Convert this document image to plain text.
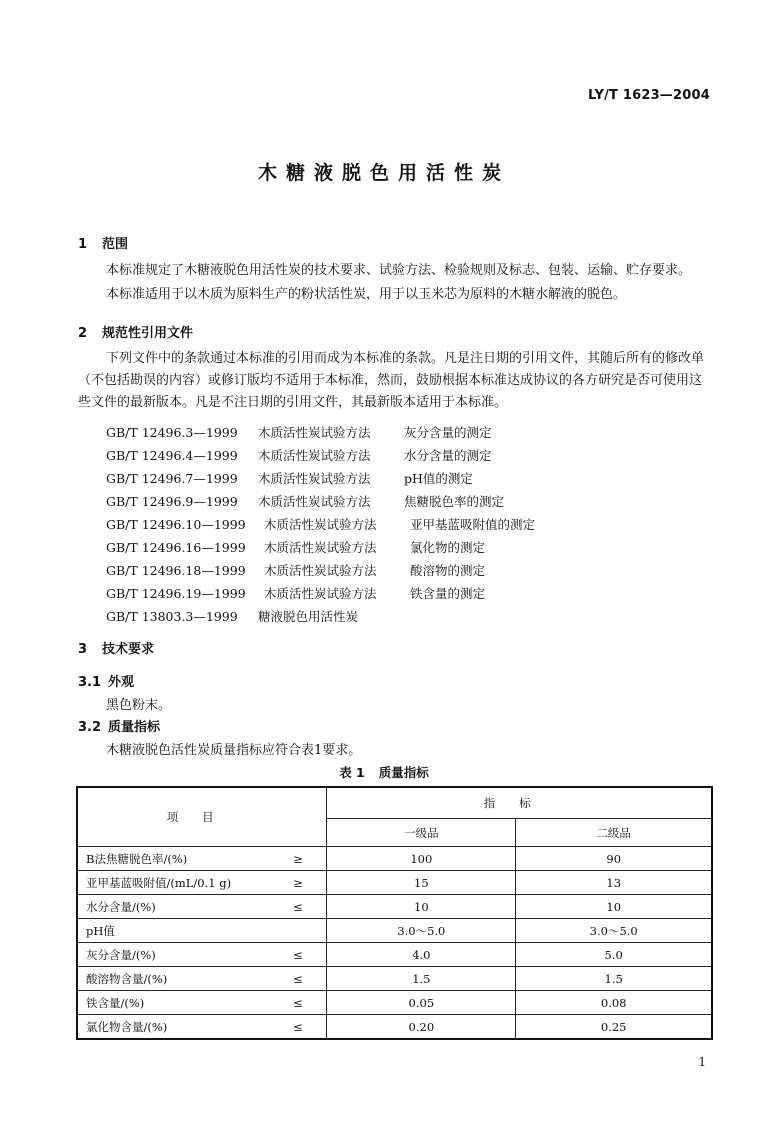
LY/T 1623—2004
木糖液脱色用活性炭
1 范围
本标准规定了木糖液脱色用活性炭的技术要求、试验方法、检验规则及标志、包装、运输、贮存要求。
本标准适用于以木质为原料生产的粉状活性炭，用于以玉米芯为原料的木糖水解液的脱色。
2 规范性引用文件
下列文件中的条款通过本标准的引用而成为本标准的条款。凡是注日期的引用文件，其随后所有的修改单（不包括勘误的内容）或修订版均不适用于本标准，然而，鼓励根据本标准达成协议的各方研究是否可使用这些文件的最新版本。凡是不注日期的引用文件，其最新版本适用于本标准。
GB/T 12496.3—1999 木质活性炭试验方法	灰分含量的测定
GB/T 12496.4—1999 木质活性炭试验方法	水分含量的测定
GB/T 12496.7—1999 木质活性炭试验方法	pH值的测定
GB/T 12496.9—1999 木质活性炭试验方法	焦糖脱色率的测定
GB/T 12496.10—1999 木质活性炭试验方法	亚甲基蓝吸附值的测定
GB/T 12496.16—1999 木质活性炭试验方法	氯化物的测定
GB/T 12496.18—1999 木质活性炭试验方法	酸溶物的测定
GB/T 12496.19—1999 木质活性炭试验方法	铁含量的测定
GB/T 13803.3—1999 糖液脱色用活性炭
3 技术要求
3.1 外观
黑色粉末。
3.2 质量指标
木糖液脱色活性炭质量指标应符合表1要求。
表 1 质量指标
项目	指标	
	一级品	二级品
B法焦糖脱色率/(%) ≥	100	90
亚甲基蓝吸附值/(mL/0.1 g) ≥	15	13
水分含量/(%) ≤	10	10
pH值	3.0～5.0	3.0～5.0
灰分含量/(%) ≤	4.0	5.0
酸溶物含量/(%) ≤	1.5	1.5
铁含量/(%) ≤	0.05	0.08
氯化物含量/(%) ≤	0.20	0.25
1
